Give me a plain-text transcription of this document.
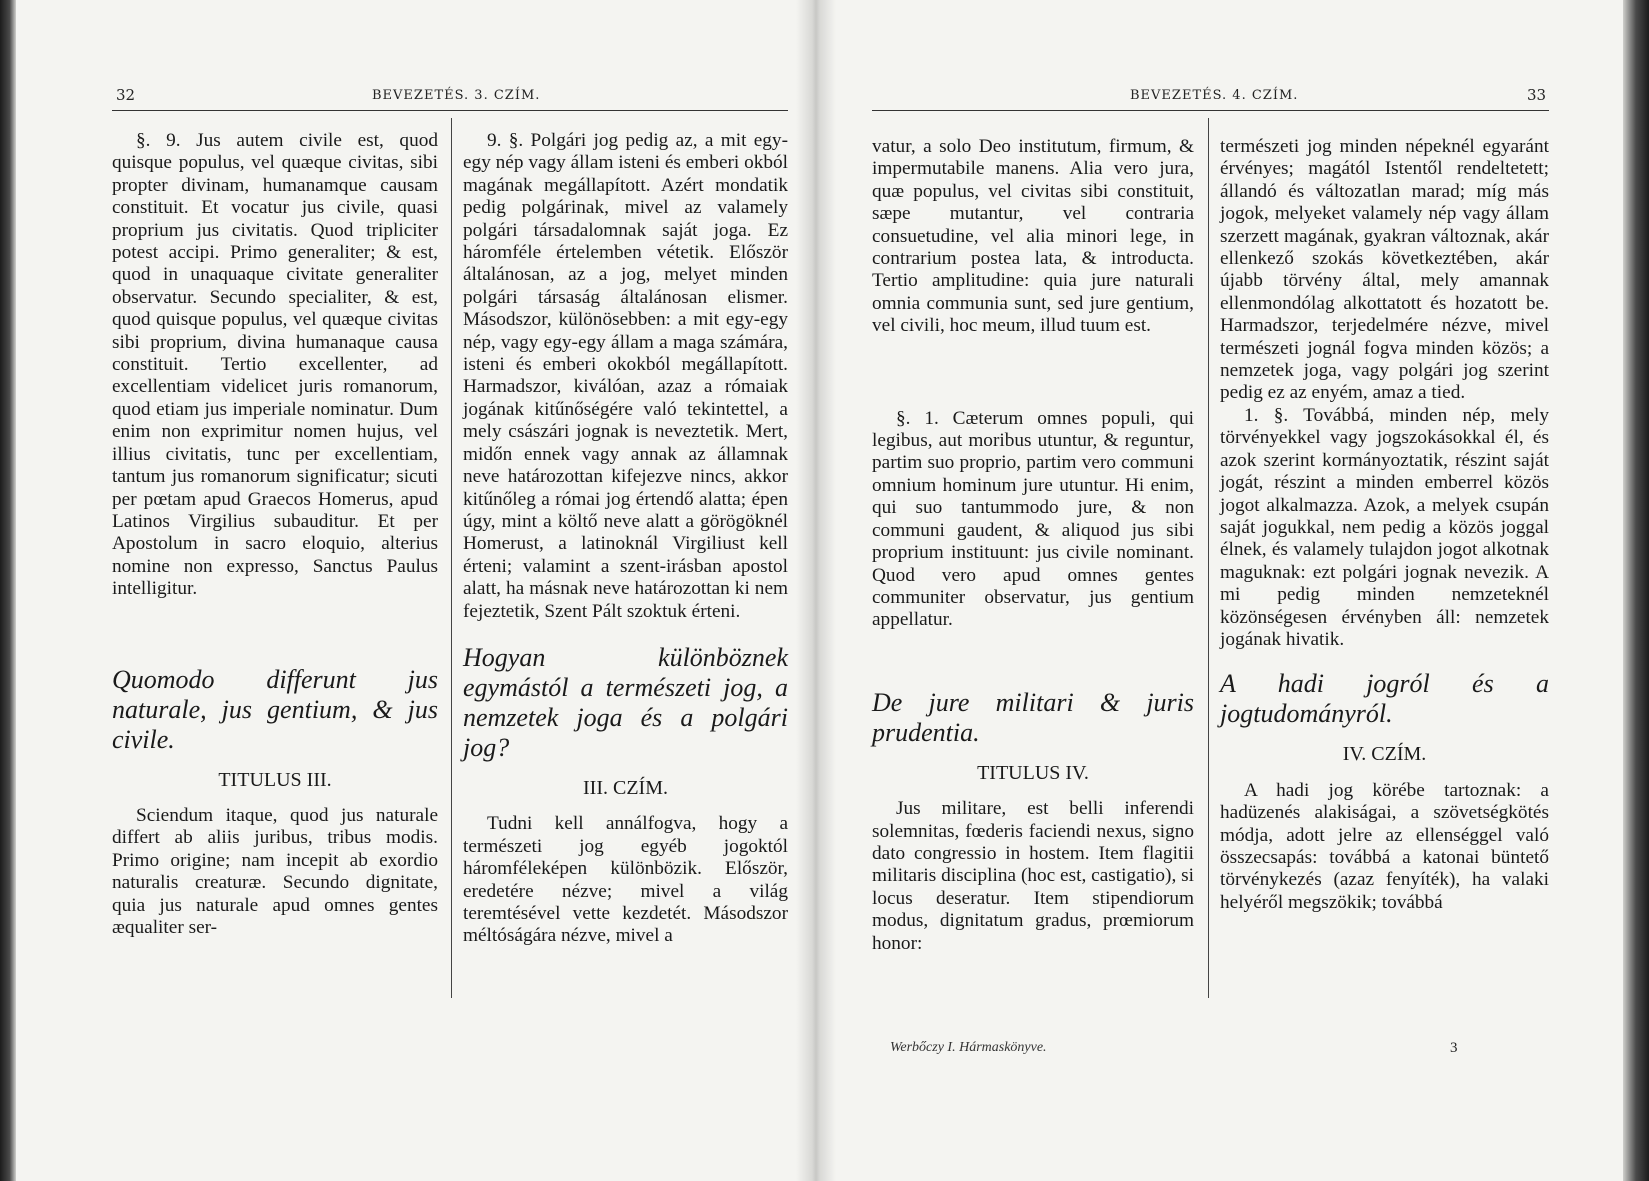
32	BEVEZETÉS. 3. CZÍM.

§. 9. Jus autem civile est, quod quisque populus, vel quæque civitas, sibi propter divinam, humanamque causam constituit. Et vocatur jus civile, quasi proprium jus civitatis. Quod tripliciter potest accipi. Primo generaliter; & est, quod in unaquaque civitate generaliter observatur. Secundo specialiter, & est, quod quisque populus, vel quæque civitas sibi proprium, divina humanaque causa constituit. Tertio excellenter, ad excellentiam videlicet juris romanorum, quod etiam jus imperiale nominatur. Dum enim non exprimitur nomen hujus, vel illius civitatis, tunc per excellentiam, tantum jus romanorum significatur; sicuti per pœtam apud Graecos Homerus, apud Latinos Virgilius subauditur. Et per Apostolum in sacro eloquio, alterius nomine non expresso, Sanctus Paulus intelligitur.

Quomodo differunt jus naturale, jus gentium, & jus civile.

TITULUS III.

Sciendum itaque, quod jus naturale differt ab aliis juribus, tribus modis. Primo origine; nam incepit ab exordio naturalis creaturæ. Secundo dignitate, quia jus naturale apud omnes gentes æqualiter ser-

9. §. Polgári jog pedig az, a mit egy-egy nép vagy állam isteni és emberi okból magának megállapított. Azért mondatik pedig polgárinak, mivel az valamely polgári társadalomnak saját joga. Ez háromféle értelemben vétetik. Először általánosan, az a jog, melyet minden polgári társaság általánosan elismer. Másodszor, különösebben: a mit egy-egy nép, vagy egy-egy állam a maga számára, isteni és emberi okokból megállapított. Harmadszor, kiválóan, azaz a rómaiak jogának kitűnőségére való tekintettel, a mely császári jognak is neveztetik. Mert, midőn ennek vagy annak az államnak neve határozottan kifejezve nincs, akkor kitűnőleg a római jog értendő alatta; épen úgy, mint a költő neve alatt a görögöknél Homerust, a latinoknál Virgiliust kell érteni; valamint a szent-irásban apostol alatt, ha másnak neve határozottan ki nem fejeztetik, Szent Pált szoktuk érteni.

Hogyan különböznek egymástól a természeti jog, a nemzetek joga és a polgári jog?

III. CZÍM.

Tudni kell annálfogva, hogy a természeti jog egyéb jogoktól háromféleképen különbözik. Először, eredetére nézve; mivel a világ teremtésével vette kezdetét. Másodszor méltóságára nézve, mivel a

BEVEZETÉS. 4. CZÍM.	33

vatur, a solo Deo institutum, firmum, & impermutabile manens. Alia vero jura, quæ populus, vel civitas sibi constituit, sæpe mutantur, vel contraria consuetudine, vel alia minori lege, in contrarium postea lata, & introducta. Tertio amplitudine: quia jure naturali omnia communia sunt, sed jure gentium, vel civili, hoc meum, illud tuum est.

§. 1. Cæterum omnes populi, qui legibus, aut moribus utuntur, & reguntur, partim suo proprio, partim vero communi omnium hominum jure utuntur. Hi enim, qui suo tantummodo jure, & non communi gaudent, & aliquod jus sibi proprium instituunt: jus civile nominant. Quod vero apud omnes gentes communiter observatur, jus gentium appellatur.

De jure militari & juris prudentia.

TITULUS IV.

Jus militare, est belli inferendi solemnitas, fœderis faciendi nexus, signo dato congressio in hostem. Item flagitii militaris disciplina (hoc est, castigatio), si locus deseratur. Item stipendiorum modus, dignitatum gradus, prœmiorum honor:

természeti jog minden népeknél egyaránt érvényes; magától Istentől rendeltetett; állandó és változatlan marad; míg más jogok, melyeket valamely nép vagy állam szerzett magának, gyakran változnak, akár ellenkező szokás következtében, akár újabb törvény által, mely amannak ellenmondólag alkottatott és hozatott be. Harmadszor, terjedelmére nézve, mivel természeti jognál fogva minden közös; a nemzetek joga, vagy polgári jog szerint pedig ez az enyém, amaz a tied.

1. §. Továbbá, minden nép, mely törvényekkel vagy jogszokásokkal él, és azok szerint kormányoztatik, részint saját jogát, részint a minden emberrel közös jogot alkalmazza. Azok, a melyek csupán saját jogukkal, nem pedig a közös joggal élnek, és valamely tulajdon jogot alkotnak maguknak: ezt polgári jognak nevezik. A mi pedig minden nemzeteknél közönségesen érvényben áll: nemzetek jogának hivatik.

A hadi jogról és a jogtudományról.

IV. CZÍM.

A hadi jog körébe tartoznak: a hadüzenés alakiságai, a szövetségkötés módja, adott jelre az ellenséggel való összecsapás: továbbá a katonai büntető törvénykezés (azaz fenyíték), ha valaki helyéről megszökik; továbbá

Werbőczy I. Hármaskönyve.	3
